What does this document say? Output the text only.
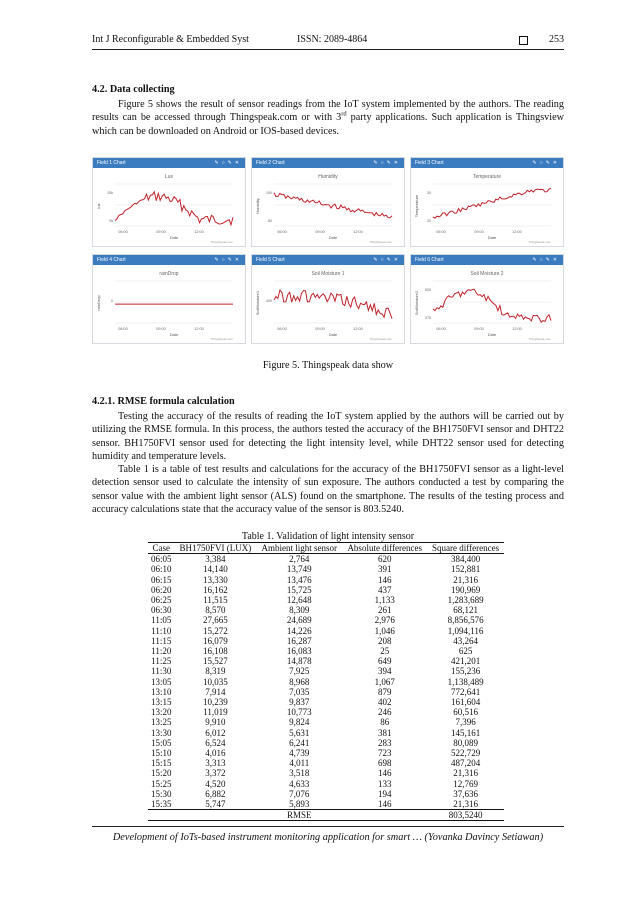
Int J Reconfigurable & Embedded Syst	ISSN: 2089-4864	253
4.2. Data collecting
Figure 5 shows the result of sensor readings from the IoT system implemented by the authors. The reading results can be accessed through Thingspeak.com or with 3rd party applications. Such application is Thingsview which can be downloaded on Android or IOS-based devices.
Field 1 Chart	✎○✎✕
Lux
lux
25k
0k
06:00	09:00	12:00
Date
ThingSpeak.com
Field 2 Chart	✎○✎✕
Humidity
Humidity
100
80
06:00	09:00	12:00
Date
ThingSpeak.com
Field 3 Chart	✎○✎✕
Temperature
Temperature
30
20
06:00	09:00	12:00
Date
ThingSpeak.com
Field 4 Chart	✎○✎✕
rainDrop
rainDrop	0
06:00	09:00	12:00
Date
ThingSpeak.com
Field 5 Chart	✎○✎✕
Soil Moisture 1
SoilMoisture1 400
06:00	09:00	12:00
Date
ThingSpeak.com
Field 6 Chart	✎○✎✕
Soil Moisture 2
SoilMoisture2
500
375
06:00	09:00	12:00
Date
ThingSpeak.com
Figure 5. Thingspeak data show
4.2.1. RMSE formula calculation
Testing the accuracy of the results of reading the IoT system applied by the authors will be carried out by utilizing the RMSE formula. In this process, the authors tested the accuracy of the BH1750FVI sensor and DHT22 sensor. BH1750FVI sensor used for detecting the light intensity level, while DHT22 sensor used for detecting humidity and temperature levels.
Table 1 is a table of test results and calculations for the accuracy of the BH1750FVI sensor as a light-level detection sensor used to calculate the intensity of sun exposure. The authors conducted a test by comparing the sensor value with the ambient light sensor (ALS) found on the smartphone. The results of the testing process and accuracy calculations state that the accuracy value of the sensor is 803.5240.
Table 1. Validation of light intensity sensor
Case	BH1750FVI (LUX)	Ambient light sensor	Absolute differences	Square differences
06:05	3,384	2,764	620	384,400
06:10	14,140	13,749	391	152,881
06:15	13,330	13,476	146	21,316
06:20	16,162	15,725	437	190,969
06:25	11,515	12,648	1,133	1,283,689
06:30	8,570	8,309	261	68,121
11:05	27,665	24,689	2,976	8,856,576
11:10	15,272	14,226	1,046	1,094,116
11:15	16,079	16,287	208	43,264
11:20	16,108	16,083	25	625
11:25	15,527	14,878	649	421,201
11:30	8,319	7,925	394	155,236
13:05	10,035	8,968	1,067	1,138,489
13:10	7,914	7,035	879	772,641
13:15	10,239	9,837	402	161,604
13:20	11,019	10,773	246	60,516
13:25	9,910	9,824	86	7,396
13:30	6,012	5,631	381	145,161
15:05	6,524	6,241	283	80,089
15:10	4,016	4,739	723	522,729
15:15	3,313	4,011	698	487,204
15:20	3,372	3,518	146	21,316
15:25	4,520	4,633	133	12,769
15:30	6,882	7,076	194	37,636
15:35	5,747	5,893	146	21,316
		RMSE		803,5240
Development of IoTs-based instrument monitoring application for smart … (Yovanka Davincy Setiawan)
